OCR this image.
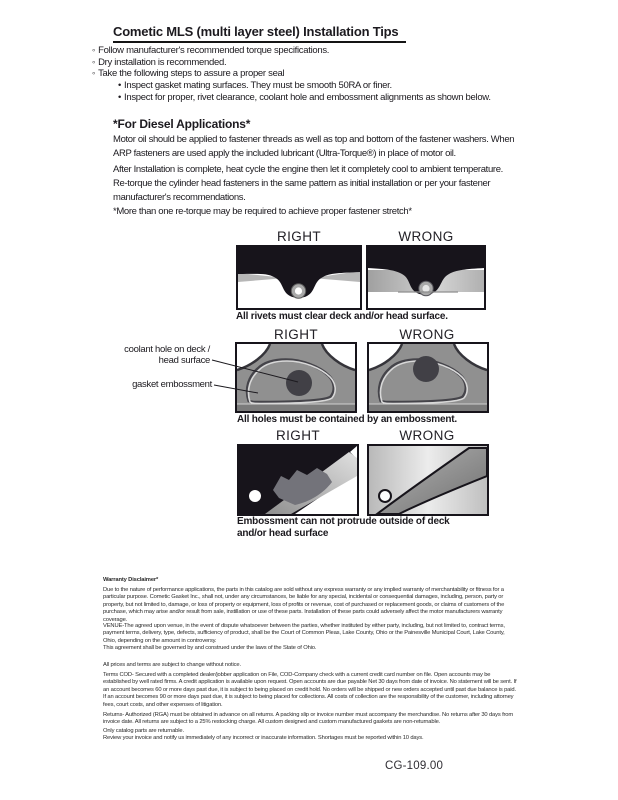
Cometic MLS (multi layer steel) Installation Tips
◦ Follow manufacturer's recommended torque specifications.
◦ Dry installation is recommended.
◦ Take the following steps to assure a proper seal
• Inspect gasket mating surfaces. They must be smooth 50RA or finer.
• Inspect for proper, rivet clearance, coolant hole and embossment alignments as shown below.
*For Diesel Applications*
Motor oil should be applied to fastener threads as well as top and bottom of the fastener washers. When ARP fasteners are used apply the included lubricant (Ultra-Torque®) in place of motor oil.
After Installation is complete, heat cycle the engine then let it completely cool to ambient temperature. Re-torque the cylinder head fasteners in the same pattern as initial installation or per your fastener manufacturer's recommendations.
*More than one re-torque may be required to achieve proper fastener stretch*
RIGHT	WRONG
All rivets must clear deck and/or head surface.
RIGHT	WRONG
coolant hole on deck / head surface
gasket embossment
All holes must be contained by an embossment.
RIGHT	WRONG
Embossment can not protrude outside of deck and/or head surface
Warranty Disclaimer*
Due to the nature of performance applications, the parts in this catalog are sold without any express warranty or any implied warranty of merchantability or fitness for a particular purpose. Cometic Gasket Inc., shall not, under any circumstances, be liable for any special, incidental or consequential damages, including, person, party or property, but not limited to, damage, or loss of property or equipment, loss of profits or revenue, cost of purchased or replacement goods, or claims of customers of the purchase, which may arise and/or result from sale, instillation or use of these parts. Installation of these parts could adversely affect the motor manufacturers warranty coverage.
VENUE-The agreed upon venue, in the event of dispute whatsoever between the parties, whether instituted by either party, including, but not limited to, contract terms, payment terms, delivery, type, defects, sufficiency of product, shall be the Court of Common Pleas, Lake County, Ohio or the Painesville Municipal Court, Lake County, Ohio, depending on the amount in controversy.
This agreement shall be governed by and construed under the laws of the State of Ohio.
All prices and terms are subject to change without notice.
Terms COD- Secured with a completed dealer/jobber application on File, COD-Company check with a current credit card number on file. Open accounts may be established by well rated firms. A credit application is available upon request. Open accounts are due payable Net 30 days from date of invoice. No statement will be sent. If an account becomes 60 or more days past due, it is subject to being placed on credit hold. No orders will be shipped or new orders accepted until past due balance is paid. If an account becomes 90 or more days past due, it is subject to being placed for collections. All costs of collection are the responsibility of the customer, including attorney fees, court costs, and other expenses of litigation.
Returns- Authorized (RGA) must be obtained in advance on all returns. A packing slip or invoice number must accompany the merchandise. No returns after 30 days from invoice date. All returns are subject to a 25% restocking charge. All custom designed and custom manufactured gaskets are non-returnable.
Only catalog parts are returnable.
Review your invoice and notify us immediately of any incorrect or inaccurate information. Shortages must be reported within 10 days.
CG-109.00
